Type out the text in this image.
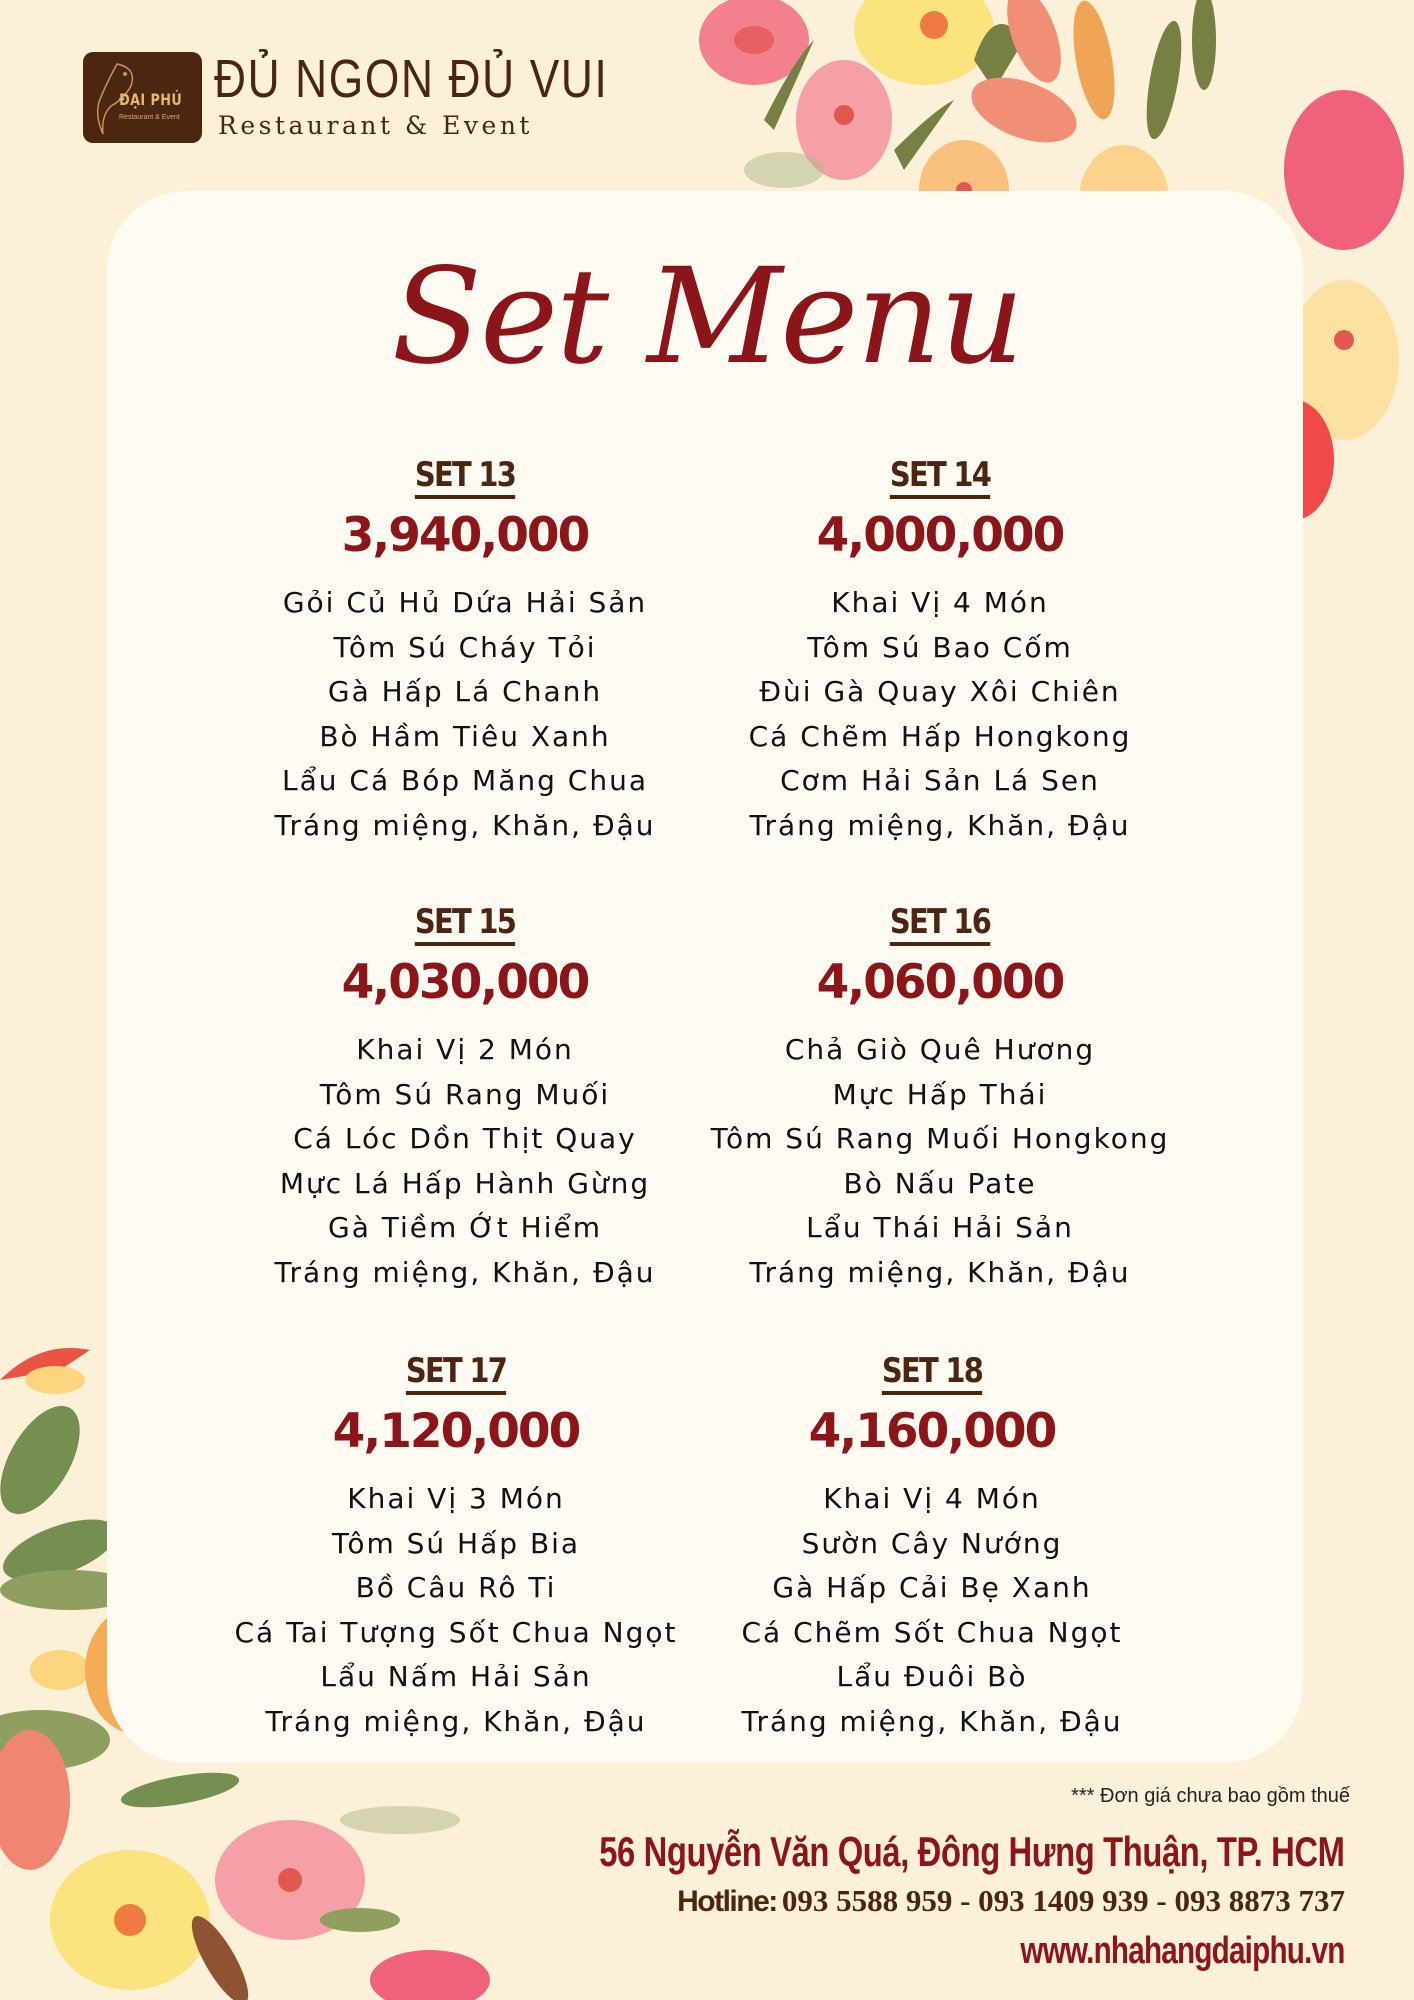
ĐẠI PHÚ
Restaurant & Event
ĐỦ NGON ĐỦ VUI
Restaurant & Event
Set Menu
SET 13
3,940,000
Gỏi Củ Hủ Dứa Hải Sản
Tôm Sú Cháy Tỏi
Gà Hấp Lá Chanh
Bò Hầm Tiêu Xanh
Lẩu Cá Bóp Măng Chua
Tráng miệng, Khăn, Đậu
SET 14
4,000,000
Khai Vị 4 Món
Tôm Sú Bao Cốm
Đùi Gà Quay Xôi Chiên
Cá Chẽm Hấp Hongkong
Cơm Hải Sản Lá Sen
Tráng miệng, Khăn, Đậu
SET 15
4,030,000
Khai Vị 2 Món
Tôm Sú Rang Muối
Cá Lóc Dồn Thịt Quay
Mực Lá Hấp Hành Gừng
Gà Tiềm Ớt Hiểm
Tráng miệng, Khăn, Đậu
SET 16
4,060,000
Chả Giò Quê Hương
Mực Hấp Thái
Tôm Sú Rang Muối Hongkong
Bò Nấu Pate
Lẩu Thái Hải Sản
Tráng miệng, Khăn, Đậu
SET 17
4,120,000
Khai Vị 3 Món
Tôm Sú Hấp Bia
Bồ Câu Rô Ti
Cá Tai Tượng Sốt Chua Ngọt
Lẩu Nấm Hải Sản
Tráng miệng, Khăn, Đậu
SET 18
4,160,000
Khai Vị 4 Món
Sườn Cây Nướng
Gà Hấp Cải Bẹ Xanh
Cá Chẽm Sốt Chua Ngọt
Lẩu Đuôi Bò
Tráng miệng, Khăn, Đậu
*** Đơn giá chưa bao gồm thuế
56 Nguyễn Văn Quá, Đông Hưng Thuận, TP. HCM
Hotline: 093 5588 959 - 093 1409 939 - 093 8873 737
www.nhahangdaiphu.vn
